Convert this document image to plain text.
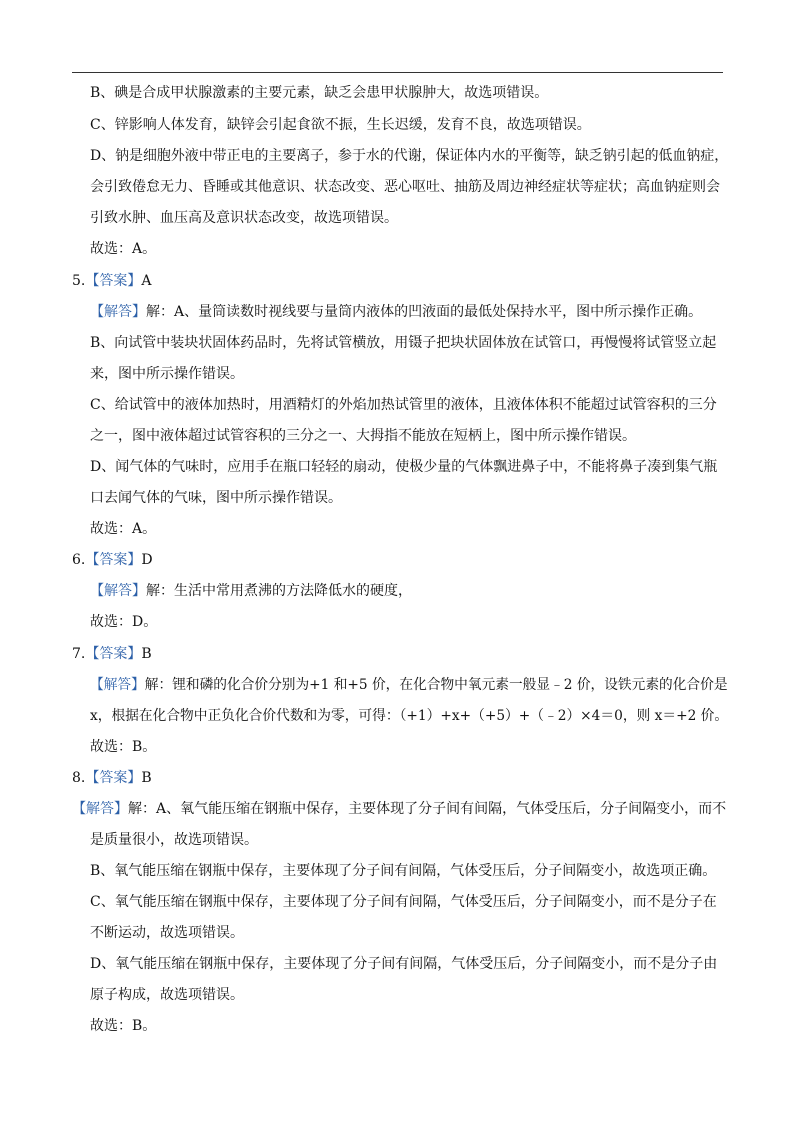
B、碘是合成甲状腺激素的主要元素，缺乏会患甲状腺肿大，故选项错误。
C、锌影响人体发育，缺锌会引起食欲不振，生长迟缓，发育不良，故选项错误。
D、钠是细胞外液中带正电的主要离子，参于水的代谢，保证体内水的平衡等，缺乏钠引起的低血钠症，
会引致倦怠无力、昏睡或其他意识、状态改变、恶心呕吐、抽筋及周边神经症状等症状；高血钠症则会
引致水肿、血压高及意识状态改变，故选项错误。
故选：A。
5.【答案】A
【解答】解：A、量筒读数时视线要与量筒内液体的凹液面的最低处保持水平，图中所示操作正确。
B、向试管中装块状固体药品时，先将试管横放，用镊子把块状固体放在试管口，再慢慢将试管竖立起
来，图中所示操作错误。
C、给试管中的液体加热时，用酒精灯的外焰加热试管里的液体，且液体体积不能超过试管容积的三分
之一，图中液体超过试管容积的三分之一、大拇指不能放在短柄上，图中所示操作错误。
D、闻气体的气味时，应用手在瓶口轻轻的扇动，使极少量的气体飘进鼻子中，不能将鼻子凑到集气瓶
口去闻气体的气味，图中所示操作错误。
故选：A。
6.【答案】D
【解答】解：生活中常用煮沸的方法降低水的硬度，
故选：D。
7.【答案】B
【解答】解：锂和磷的化合价分别为+1 和+5 价，在化合物中氧元素一般显﹣2 价，设铁元素的化合价是
x，根据在化合物中正负化合价代数和为零，可得：（+1）+x+（+5）+（﹣2）×4＝0，则 x＝+2 价。
故选：B。
8.【答案】B
【解答】解：A、氧气能压缩在钢瓶中保存，主要体现了分子间有间隔，气体受压后，分子间隔变小，而不
是质量很小，故选项错误。
B、氧气能压缩在钢瓶中保存，主要体现了分子间有间隔，气体受压后，分子间隔变小，故选项正确。
C、氧气能压缩在钢瓶中保存，主要体现了分子间有间隔，气体受压后，分子间隔变小，而不是分子在
不断运动，故选项错误。
D、氧气能压缩在钢瓶中保存，主要体现了分子间有间隔，气体受压后，分子间隔变小，而不是分子由
原子构成，故选项错误。
故选：B。
